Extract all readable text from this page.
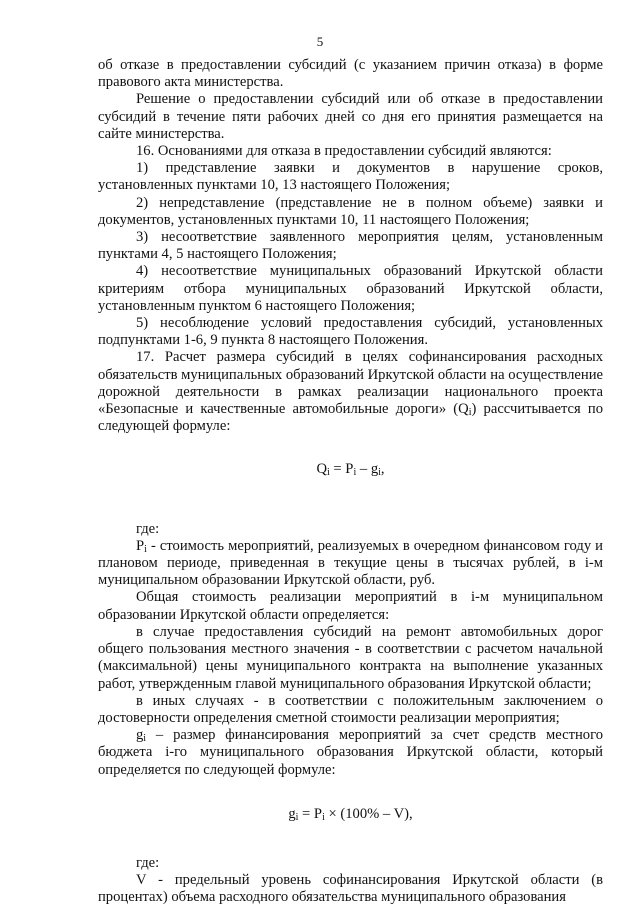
5

об отказе в предоставлении субсидий (с указанием причин отказа) в форме правового акта министерства.

Решение о предоставлении субсидий или об отказе в предоставлении субсидий в течение пяти рабочих дней со дня его принятия размещается на сайте министерства.

16. Основаниями для отказа в предоставлении субсидий являются:

1) представление заявки и документов в нарушение сроков, установленных пунктами 10, 13 настоящего Положения;

2) непредставление (представление не в полном объеме) заявки и документов, установленных пунктами 10, 11 настоящего Положения;

3) несоответствие заявленного мероприятия целям, установленным пунктами 4, 5 настоящего Положения;

4) несоответствие муниципальных образований Иркутской области критериям отбора муниципальных образований Иркутской области, установленным пунктом 6 настоящего Положения;

5) несоблюдение условий предоставления субсидий, установленных подпунктами 1-6, 9 пункта 8 настоящего Положения.

17. Расчет размера субсидий в целях софинансирования расходных обязательств муниципальных образований Иркутской области на осуществление дорожной деятельности в рамках реализации национального проекта «Безопасные и качественные автомобильные дороги» $(Q_i)$ рассчитывается по следующей формуле:

$Q_i = P_i - g_i$,

где:

$P_i$ - стоимость мероприятий, реализуемых в очередном финансовом году и плановом периоде, приведенная в текущие цены в тысячах рублей, в i-м муниципальном образовании Иркутской области, руб.

Общая стоимость реализации мероприятий в i-м муниципальном образовании Иркутской области определяется:

в случае предоставления субсидий на ремонт автомобильных дорог общего пользования местного значения - в соответствии с расчетом начальной (максимальной) цены муниципального контракта на выполнение указанных работ, утвержденным главой муниципального образования Иркутской области;

в иных случаях - в соответствии с положительным заключением о достоверности определения сметной стоимости реализации мероприятия;

$g_i$ – размер финансирования мероприятий за счет средств местного бюджета i-го муниципального образования Иркутской области, который определяется по следующей формуле:

$g_i = P_i \times (100\% - V)$,

где:

V - предельный уровень софинансирования Иркутской области (в процентах) объема расходного обязательства муниципального образования
